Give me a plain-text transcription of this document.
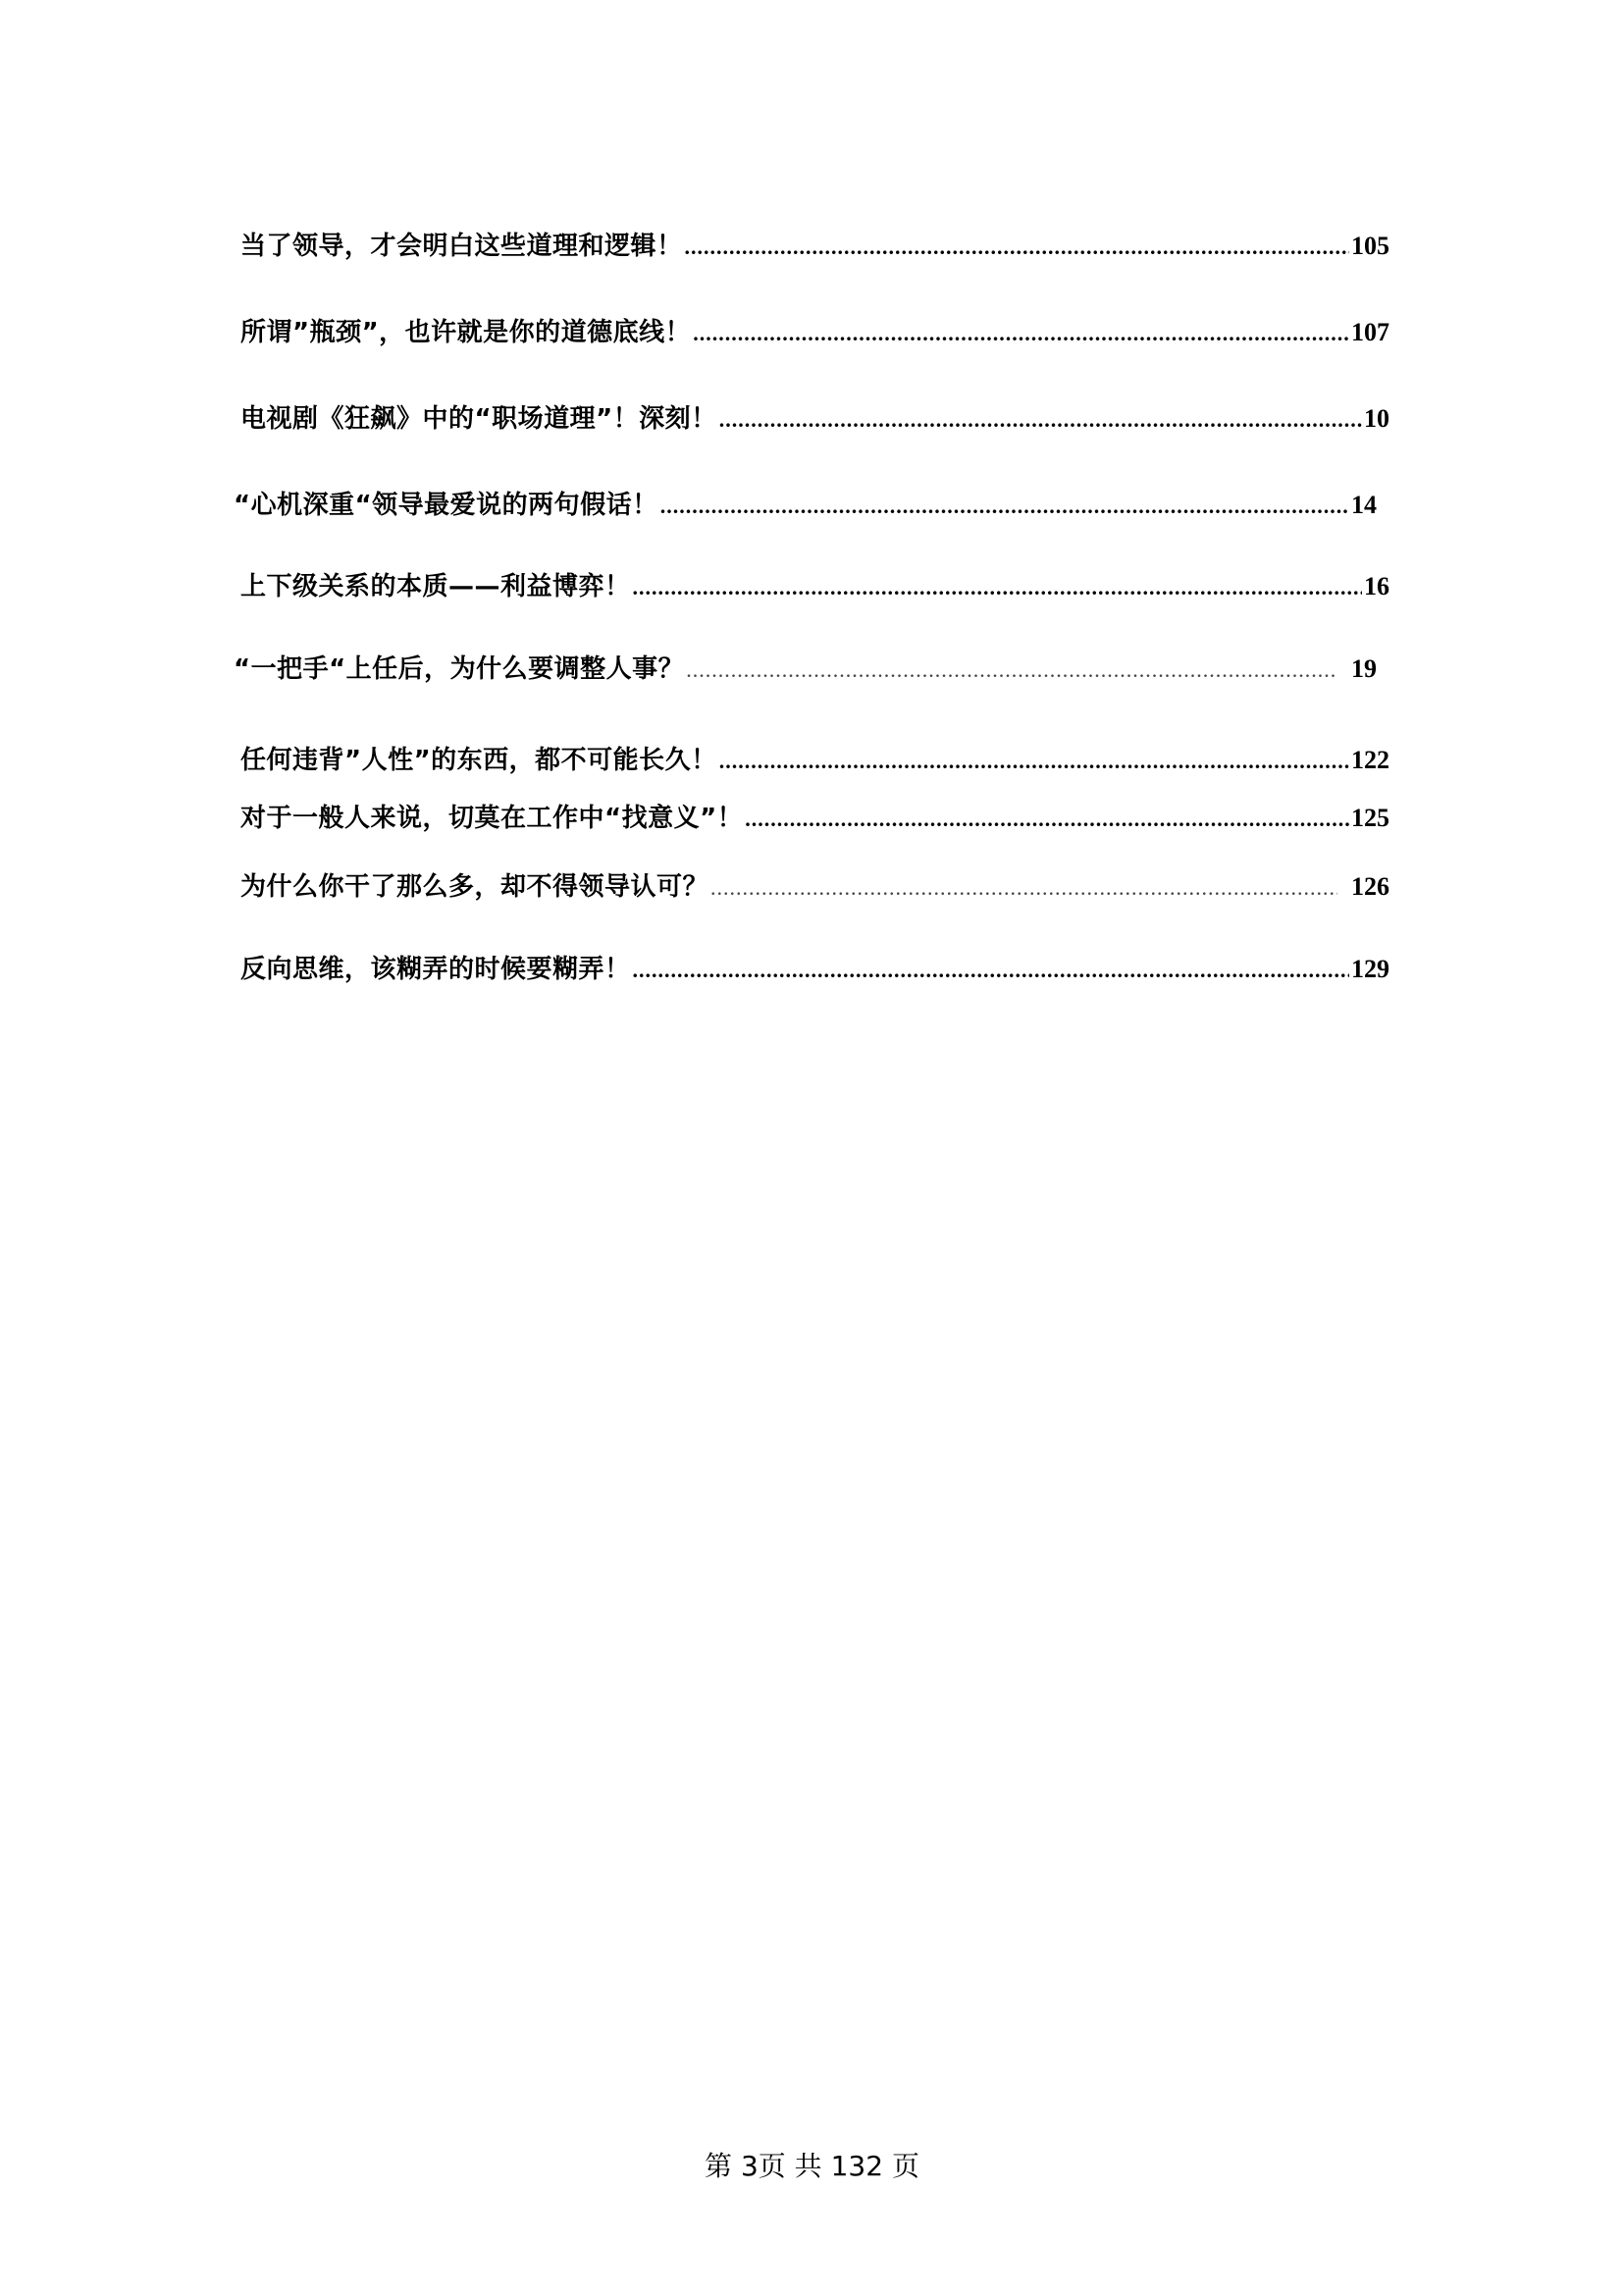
当了领导，才会明白这些道理和逻辑！ .....	105
所谓”瓶颈”，也许就是你的道德底线！ .....	107
电视剧《狂飙》中的“职场道理”！深刻！ .....	10
“心机深重“领导最爱说的两句假话！ .....	14
上下级关系的本质——利益博弈！ .....	16
“一把手“上任后，为什么要调整人事？ .....	19
任何违背”人性”的东西，都不可能长久！ .....	122
对于一般人来说，切莫在工作中“找意义”！ .....	125
为什么你干了那么多，却不得领导认可？ .....	126
反向思维，该糊弄的时候要糊弄！ .....	129
第 3页 共 132 页
